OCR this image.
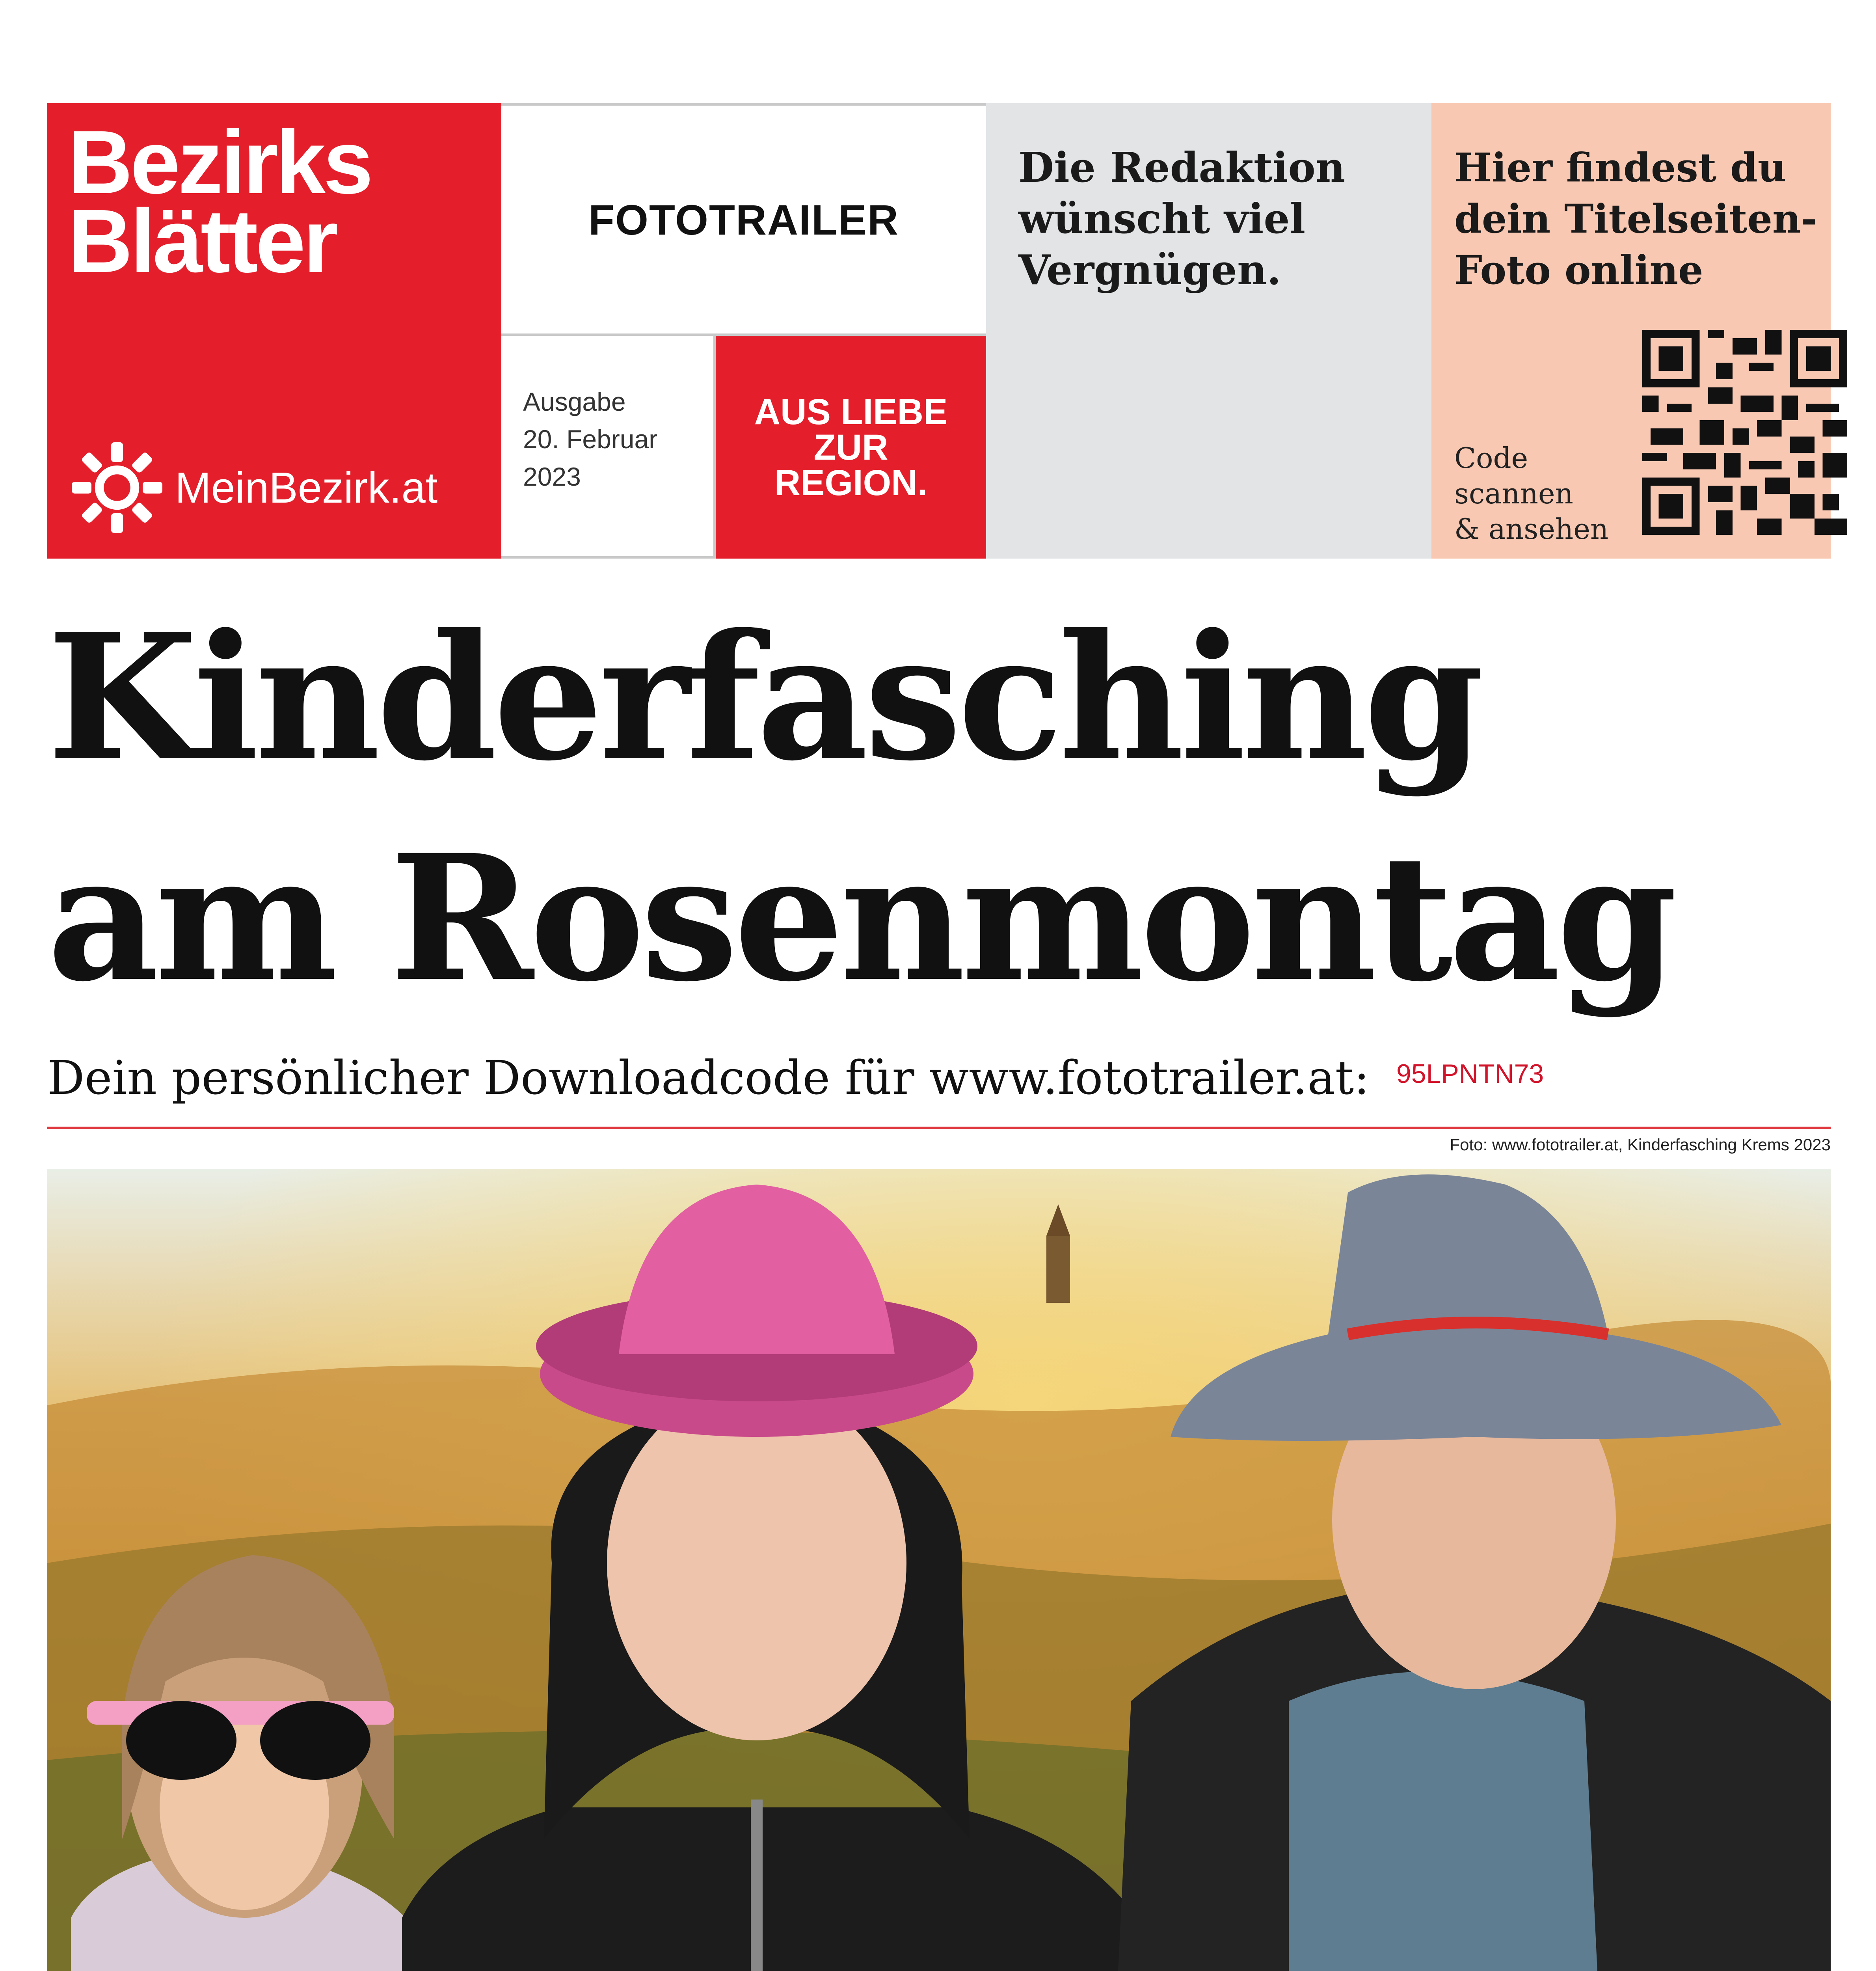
Bezirks
Blätter
MeinBezirk.at
FOTOTRAILER
Ausgabe
20. Februar
2023
AUS LIEBE
ZUR
REGION.
Die Redaktion
wünscht viel
Vergnügen.
Hier findest du
dein Titelseiten-
Foto online
Code
scannen
& ansehen
Kinderfasching
am Rosenmontag
Dein persönlicher Downloadcode für www.fototrailer.at: 95LPNTN73
Foto: www.fototrailer.at, Kinderfasching Krems 2023
